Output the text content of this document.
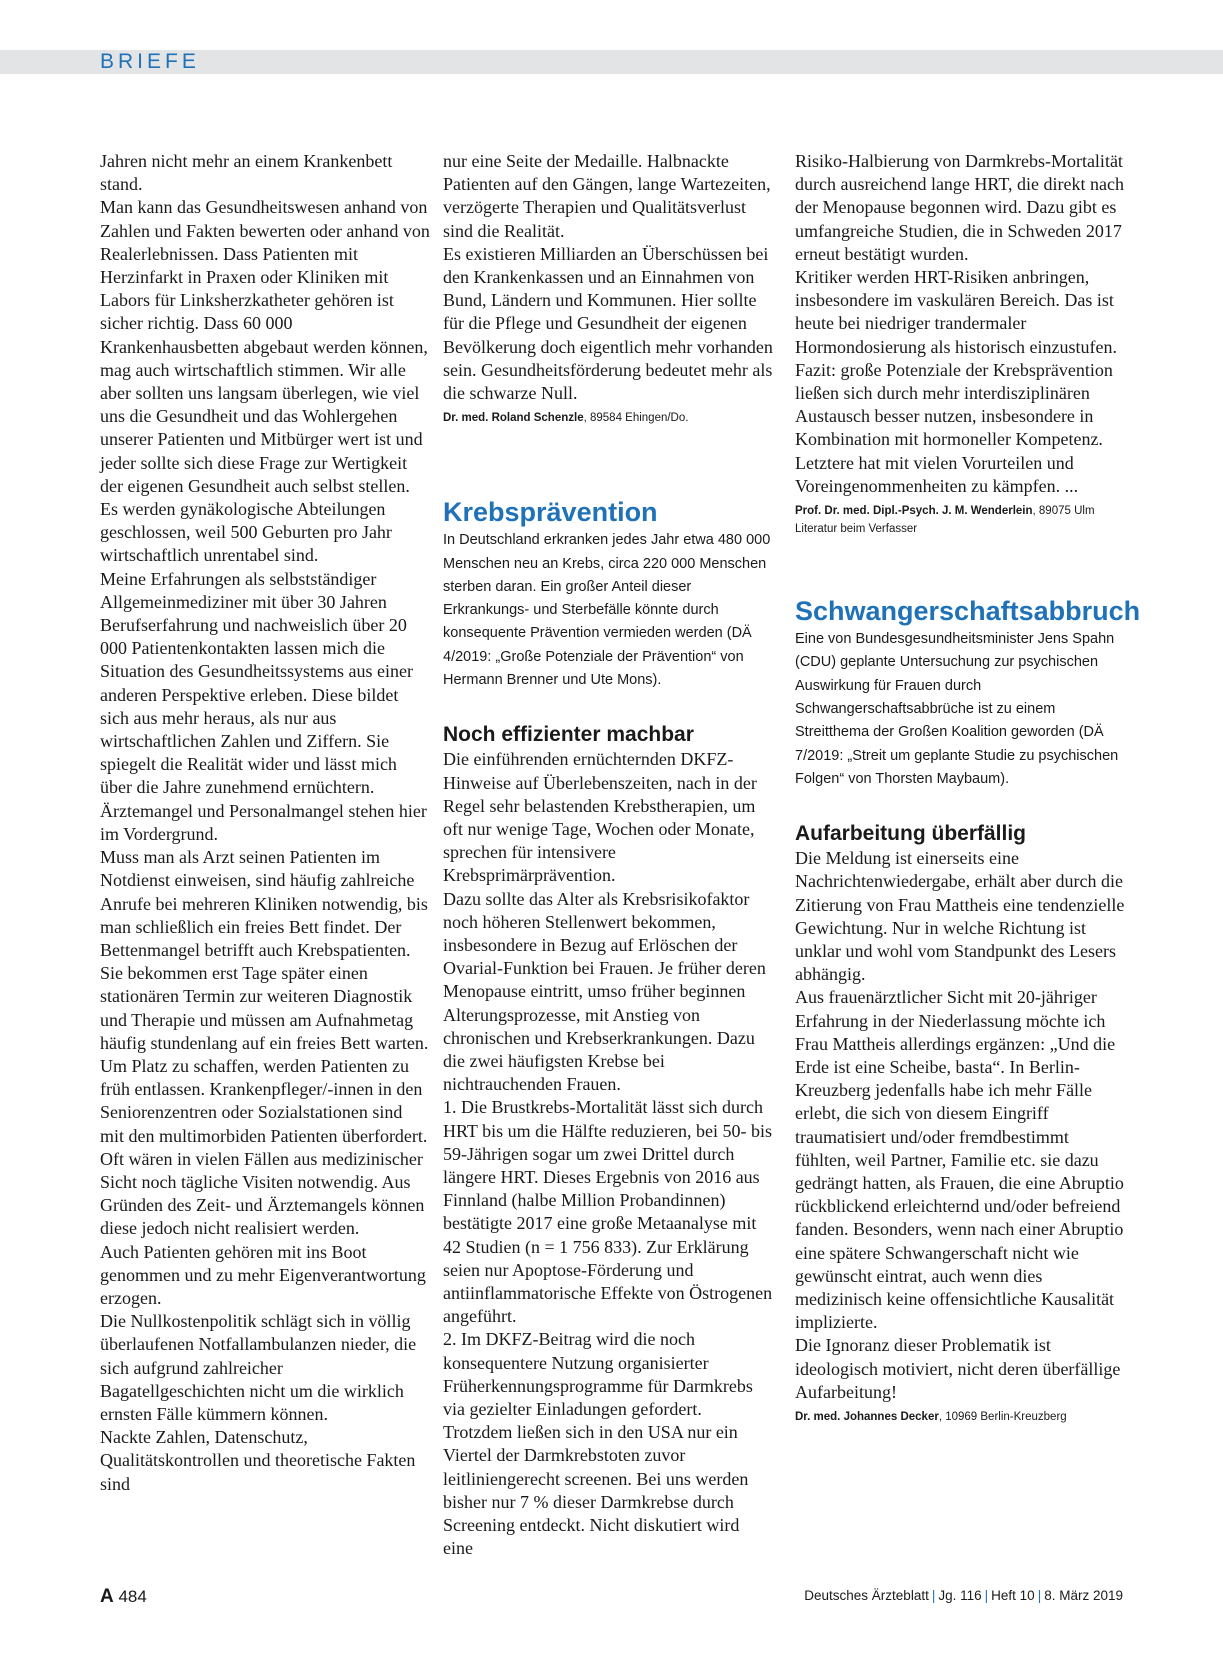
BRIEFE

Jahren nicht mehr an einem Krankenbett stand.

Man kann das Gesundheitswesen anhand von Zahlen und Fakten bewerten oder anhand von Realerlebnissen. Dass Patienten mit Herzinfarkt in Praxen oder Kliniken mit Labors für Linksherzkatheter gehören ist sicher richtig. Dass 60 000 Krankenhausbetten abgebaut werden können, mag auch wirtschaftlich stimmen. Wir alle aber sollten uns langsam überlegen, wie viel uns die Gesundheit und das Wohlergehen unserer Patienten und Mitbürger wert ist und jeder sollte sich diese Frage zur Wertigkeit der eigenen Gesundheit auch selbst stellen.

Es werden gynäkologische Abteilungen geschlossen, weil 500 Geburten pro Jahr wirtschaftlich unrentabel sind.

Meine Erfahrungen als selbstständiger Allgemeinmediziner mit über 30 Jahren Berufserfahrung und nachweislich über 20 000 Patientenkontakten lassen mich die Situation des Gesundheitssystems aus einer anderen Perspektive erleben. Diese bildet sich aus mehr heraus, als nur aus wirtschaftlichen Zahlen und Ziffern. Sie spiegelt die Realität wider und lässt mich über die Jahre zunehmend ernüchtern. Ärztemangel und Personalmangel stehen hier im Vordergrund.

Muss man als Arzt seinen Patienten im Notdienst einweisen, sind häufig zahlreiche Anrufe bei mehreren Kliniken notwendig, bis man schließlich ein freies Bett findet. Der Bettenmangel betrifft auch Krebspatienten. Sie bekommen erst Tage später einen stationären Termin zur weiteren Diagnostik und Therapie und müssen am Aufnahmetag häufig stundenlang auf ein freies Bett warten.

Um Platz zu schaffen, werden Patienten zu früh entlassen. Krankenpfleger/-innen in den Seniorenzentren oder Sozialstationen sind mit den multimorbiden Patienten überfordert. Oft wären in vielen Fällen aus medizinischer Sicht noch tägliche Visiten notwendig. Aus Gründen des Zeit- und Ärztemangels können diese jedoch nicht realisiert werden.

Auch Patienten gehören mit ins Boot genommen und zu mehr Eigenverantwortung erzogen.

Die Nullkostenpolitik schlägt sich in völlig überlaufenen Notfallambulanzen nieder, die sich aufgrund zahlreicher Bagatellgeschichten nicht um die wirklich ernsten Fälle kümmern können.

Nackte Zahlen, Datenschutz, Qualitätskontrollen und theoretische Fakten sind

nur eine Seite der Medaille. Halbnackte Patienten auf den Gängen, lange Wartezeiten, verzögerte Therapien und Qualitätsverlust sind die Realität.

Es existieren Milliarden an Überschüssen bei den Krankenkassen und an Einnahmen von Bund, Ländern und Kommunen. Hier sollte für die Pflege und Gesundheit der eigenen Bevölkerung doch eigentlich mehr vorhanden sein. Gesundheitsförderung bedeutet mehr als die schwarze Null.

Dr. med. Roland Schenzle, 89584 Ehingen/Do.

Krebsprävention

In Deutschland erkranken jedes Jahr etwa 480 000 Menschen neu an Krebs, circa 220 000 Menschen sterben daran. Ein großer Anteil dieser Erkrankungs- und Sterbefälle könnte durch konsequente Prävention vermieden werden (DÄ 4/2019: „Große Potenziale der Prävention“ von Hermann Brenner und Ute Mons).

Noch effizienter machbar

Die einführenden ernüchternden DKFZ-Hinweise auf Überlebenszeiten, nach in der Regel sehr belastenden Krebstherapien, um oft nur wenige Tage, Wochen oder Monate, sprechen für intensivere Krebsprimärprävention.

Dazu sollte das Alter als Krebsrisikofaktor noch höheren Stellenwert bekommen, insbesondere in Bezug auf Erlöschen der Ovarial-Funktion bei Frauen. Je früher deren Menopause eintritt, umso früher beginnen Alterungsprozesse, mit Anstieg von chronischen und Krebserkrankungen. Dazu die zwei häufigsten Krebse bei nichtrauchenden Frauen.

1. Die Brustkrebs-Mortalität lässt sich durch HRT bis um die Hälfte reduzieren, bei 50- bis 59-Jährigen sogar um zwei Drittel durch längere HRT. Dieses Ergebnis von 2016 aus Finnland (halbe Million Probandinnen) bestätigte 2017 eine große Metaanalyse mit 42 Studien (n = 1 756 833). Zur Erklärung seien nur Apoptose-Förderung und antiinflammatorische Effekte von Östrogenen angeführt.

2. Im DKFZ-Beitrag wird die noch konsequentere Nutzung organisierter Früherkennungsprogramme für Darmkrebs via gezielter Einladungen gefordert. Trotzdem ließen sich in den USA nur ein Viertel der Darmkrebstoten zuvor leitliniengerecht screenen. Bei uns werden bisher nur 7 % dieser Darmkrebse durch Screening entdeckt. Nicht diskutiert wird eine

Risiko-Halbierung von Darmkrebs-Mortalität durch ausreichend lange HRT, die direkt nach der Menopause begonnen wird. Dazu gibt es umfangreiche Studien, die in Schweden 2017 erneut bestätigt wurden.

Kritiker werden HRT-Risiken anbringen, insbesondere im vaskulären Bereich. Das ist heute bei niedriger trandermaler Hormondosierung als historisch einzustufen.

Fazit: große Potenziale der Krebsprävention ließen sich durch mehr interdisziplinären Austausch besser nutzen, insbesondere in Kombination mit hormoneller Kompetenz. Letztere hat mit vielen Vorurteilen und Voreingenommenheiten zu kämpfen. ...

Prof. Dr. med. Dipl.-Psych. J. M. Wenderlein, 89075 Ulm

Literatur beim Verfasser

Schwangerschaftsabbruch

Eine von Bundesgesundheitsminister Jens Spahn (CDU) geplante Untersuchung zur psychischen Auswirkung für Frauen durch Schwangerschaftsabbrüche ist zu einem Streitthema der Großen Koalition geworden (DÄ 7/2019: „Streit um geplante Studie zu psychischen Folgen“ von Thorsten Maybaum).

Aufarbeitung überfällig

Die Meldung ist einerseits eine Nachrichtenwiedergabe, erhält aber durch die Zitierung von Frau Mattheis eine tendenzielle Gewichtung. Nur in welche Richtung ist unklar und wohl vom Standpunkt des Lesers abhängig.

Aus frauenärztlicher Sicht mit 20-jähriger Erfahrung in der Niederlassung möchte ich Frau Mattheis allerdings ergänzen: „Und die Erde ist eine Scheibe, basta“. In Berlin-Kreuzberg jedenfalls habe ich mehr Fälle erlebt, die sich von diesem Eingriff traumatisiert und/oder fremdbestimmt fühlten, weil Partner, Familie etc. sie dazu gedrängt hatten, als Frauen, die eine Abruptio rückblickend erleichternd und/oder befreiend fanden. Besonders, wenn nach einer Abruptio eine spätere Schwangerschaft nicht wie gewünscht eintrat, auch wenn dies medizinisch keine offensichtliche Kausalität implizierte.

Die Ignoranz dieser Problematik ist ideologisch motiviert, nicht deren überfällige Aufarbeitung!

Dr. med. Johannes Decker, 10969 Berlin-Kreuzberg

A 484	Deutsches Ärzteblatt | Jg. 116 | Heft 10 | 8. März 2019
